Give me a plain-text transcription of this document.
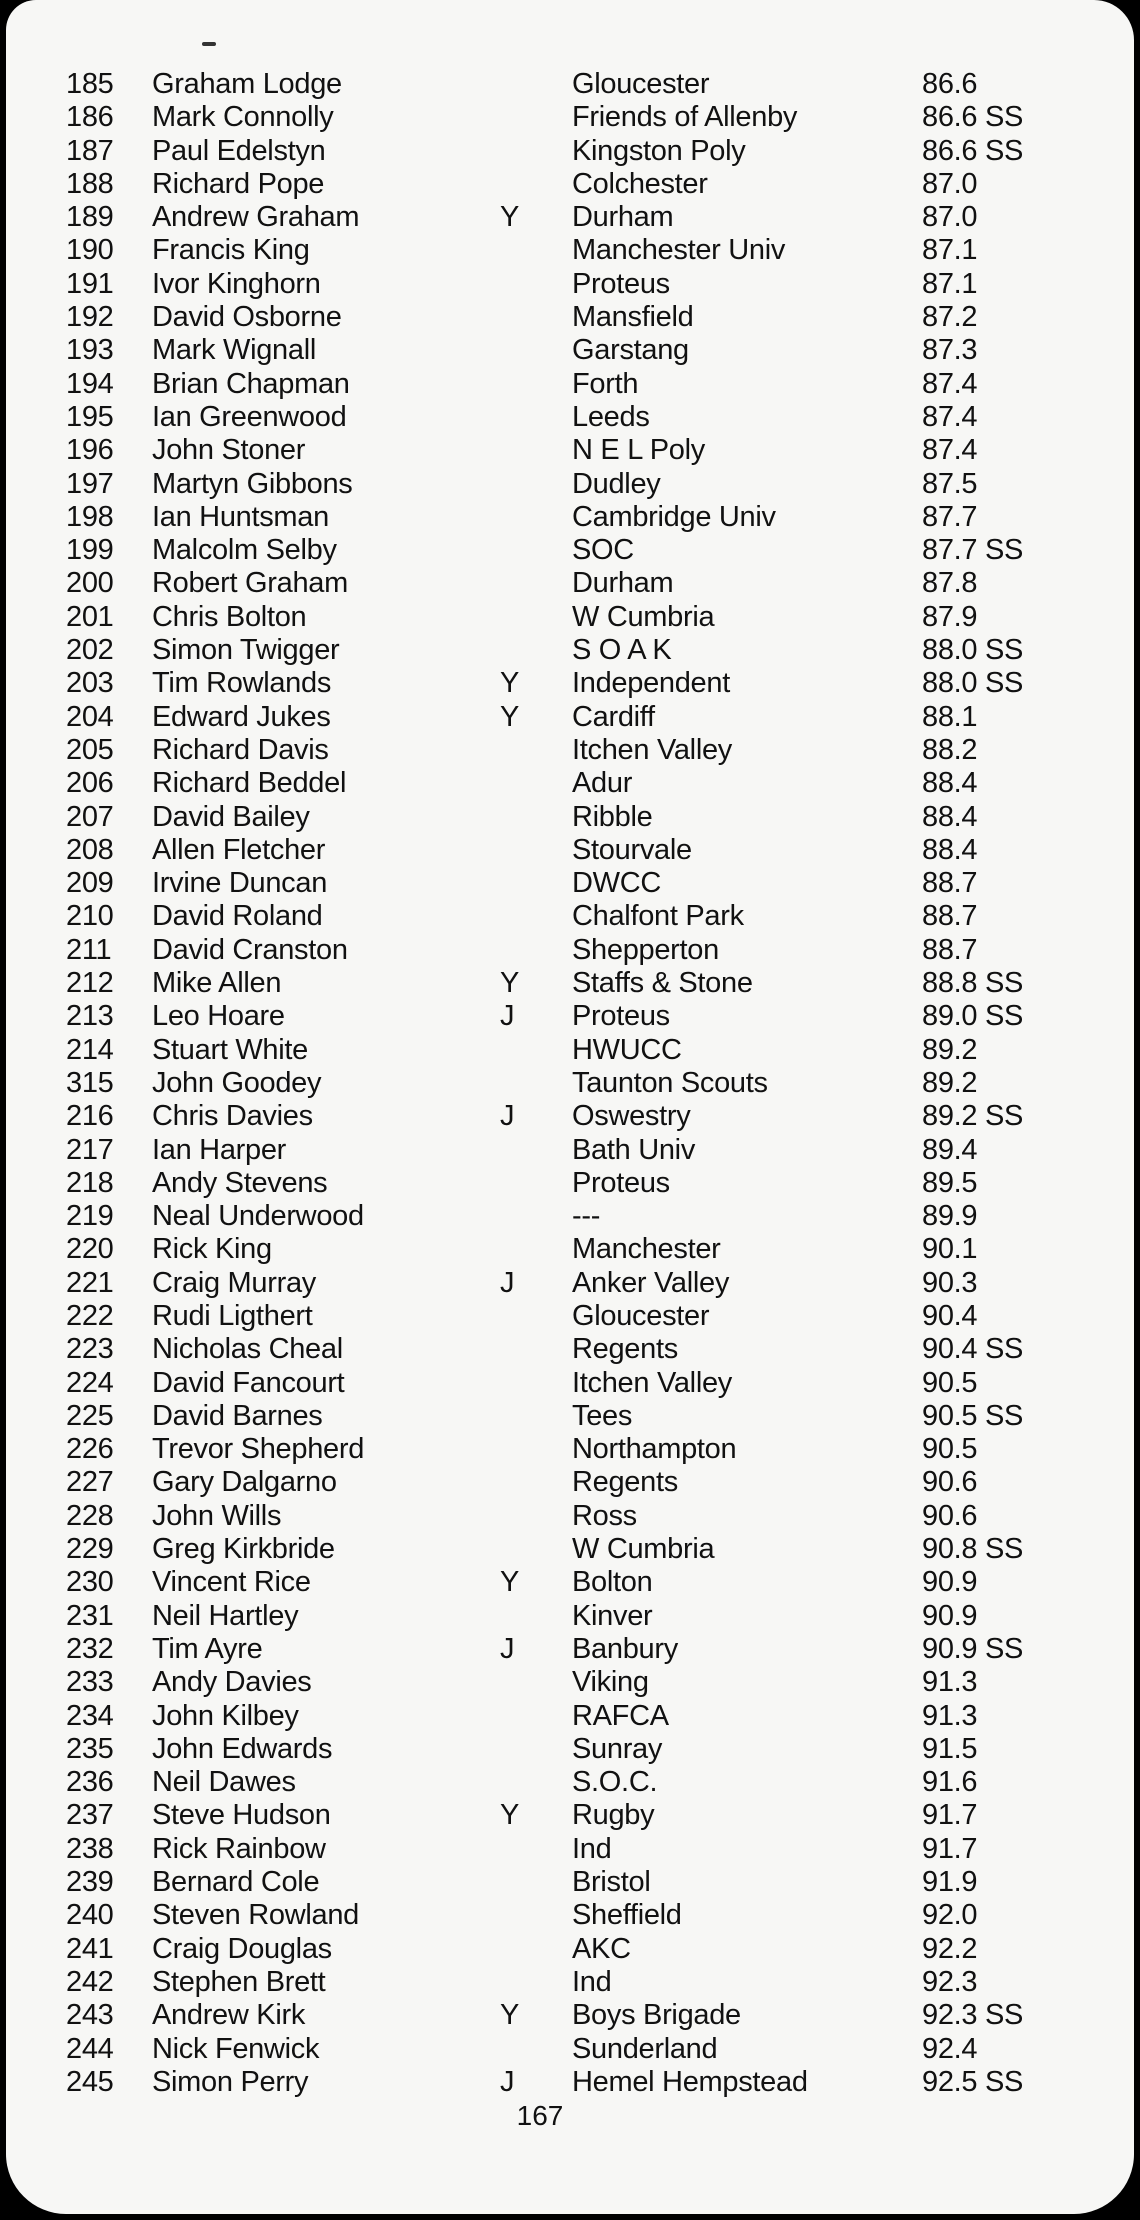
185 Graham Lodge	Gloucester	86.6
186 Mark Connolly	Friends of Allenby	86.6 SS
187 Paul Edelstyn	Kingston Poly	86.6 SS
188 Richard Pope	Colchester	87.0
189 Andrew Graham	Y Durham	87.0
190 Francis King	Manchester Univ	87.1
191 Ivor Kinghorn	Proteus	87.1
192 David Osborne	Mansfield	87.2
193 Mark Wignall	Garstang	87.3
194 Brian Chapman	Forth	87.4
195 Ian Greenwood	Leeds	87.4
196 John Stoner	N E L Poly	87.4
197 Martyn Gibbons	Dudley	87.5
198 Ian Huntsman	Cambridge Univ	87.7
199 Malcolm Selby	SOC	87.7 SS
200 Robert Graham	Durham	87.8
201 Chris Bolton	W Cumbria	87.9
202 Simon Twigger	S O A K	88.0 SS
203 Tim Rowlands	Y Independent	88.0 SS
204 Edward Jukes	Y Cardiff	88.1
205 Richard Davis	Itchen Valley	88.2
206 Richard Beddel	Adur	88.4
207 David Bailey	Ribble	88.4
208 Allen Fletcher	Stourvale	88.4
209 Irvine Duncan	DWCC	88.7
210 David Roland	Chalfont Park	88.7
211 David Cranston	Shepperton	88.7
212 Mike Allen	Y Staffs & Stone	88.8 SS
213 Leo Hoare	J Proteus	89.0 SS
214 Stuart White	HWUCC	89.2
315 John Goodey	Taunton Scouts	89.2
216 Chris Davies	J Oswestry	89.2 SS
217 Ian Harper	Bath Univ	89.4
218 Andy Stevens	Proteus	89.5
219 Neal Underwood	---	89.9
220 Rick King	Manchester	90.1
221 Craig Murray	J Anker Valley	90.3
222 Rudi Ligthert	Gloucester	90.4
223 Nicholas Cheal	Regents	90.4 SS
224 David Fancourt	Itchen Valley	90.5
225 David Barnes	Tees	90.5 SS
226 Trevor Shepherd	Northampton	90.5
227 Gary Dalgarno	Regents	90.6
228 John Wills	Ross	90.6
229 Greg Kirkbride	W Cumbria	90.8 SS
230 Vincent Rice	Y Bolton	90.9
231 Neil Hartley	Kinver	90.9
232 Tim Ayre	J Banbury	90.9 SS
233 Andy Davies	Viking	91.3
234 John Kilbey	RAFCA	91.3
235 John Edwards	Sunray	91.5
236 Neil Dawes	S.O.C.	91.6
237 Steve Hudson	Y Rugby	91.7
238 Rick Rainbow	Ind	91.7
239 Bernard Cole	Bristol	91.9
240 Steven Rowland	Sheffield	92.0
241 Craig Douglas	AKC	92.2
242 Stephen Brett	Ind	92.3
243 Andrew Kirk	Y Boys Brigade	92.3 SS
244 Nick Fenwick	Sunderland	92.4
245 Simon Perry	J Hemel Hempstead	92.5 SS
167
